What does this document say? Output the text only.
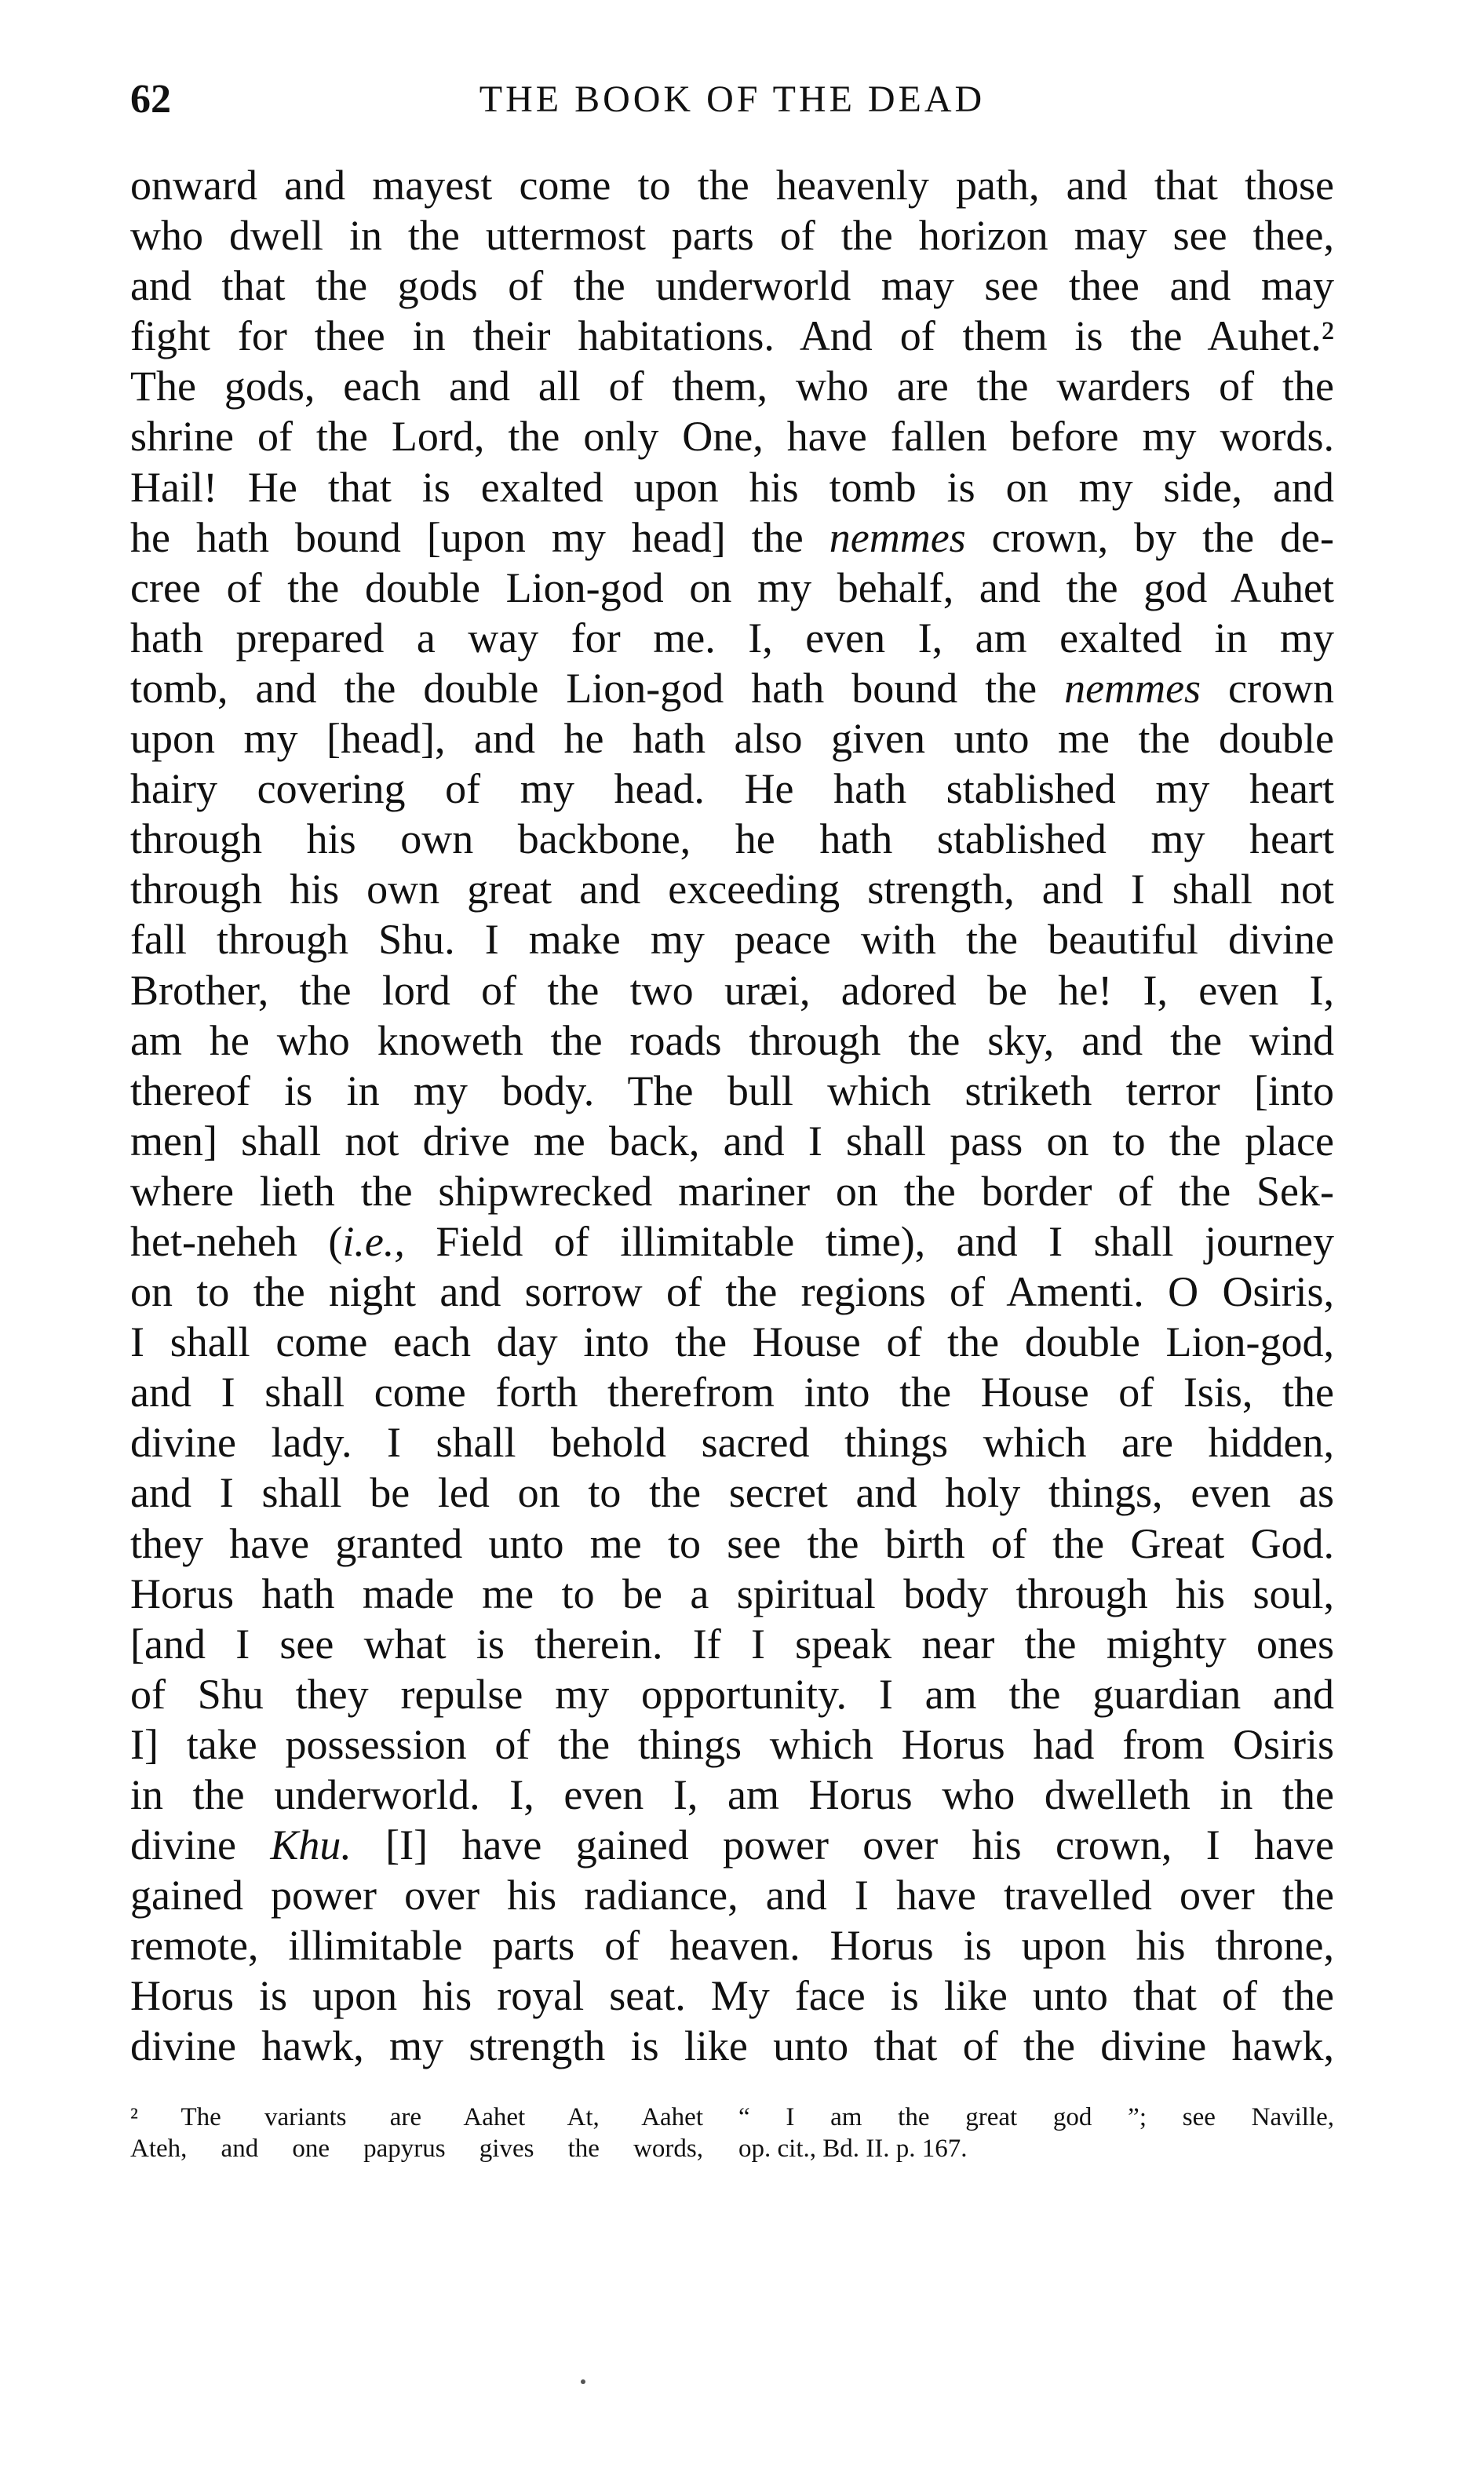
62	THE BOOK OF THE DEAD
onward and mayest come to the heavenly path, and that those
who dwell in the uttermost parts of the horizon may see thee,
and that the gods of the underworld may see thee and may
fight for thee in their habitations. And of them is the Auhet.²
The gods, each and all of them, who are the warders of the
shrine of the Lord, the only One, have fallen before my words.
Hail! He that is exalted upon his tomb is on my side, and
he hath bound [upon my head] the nemmes crown, by the de-
cree of the double Lion-god on my behalf, and the god Auhet
hath prepared a way for me. I, even I, am exalted in my
tomb, and the double Lion-god hath bound the nemmes crown
upon my [head], and he hath also given unto me the double
hairy covering of my head. He hath stablished my heart
through his own backbone, he hath stablished my heart
through his own great and exceeding strength, and I shall not
fall through Shu. I make my peace with the beautiful divine
Brother, the lord of the two uræi, adored be he! I, even I,
am he who knoweth the roads through the sky, and the wind
thereof is in my body. The bull which striketh terror [into
men] shall not drive me back, and I shall pass on to the place
where lieth the shipwrecked mariner on the border of the Sek-
het-neheh (i.e., Field of illimitable time), and I shall journey
on to the night and sorrow of the regions of Amenti. O Osiris,
I shall come each day into the House of the double Lion-god,
and I shall come forth therefrom into the House of Isis, the
divine lady. I shall behold sacred things which are hidden,
and I shall be led on to the secret and holy things, even as
they have granted unto me to see the birth of the Great God.
Horus hath made me to be a spiritual body through his soul,
[and I see what is therein. If I speak near the mighty ones
of Shu they repulse my opportunity. I am the guardian and
I] take possession of the things which Horus had from Osiris
in the underworld. I, even I, am Horus who dwelleth in the
divine Khu. [I] have gained power over his crown, I have
gained power over his radiance, and I have travelled over the
remote, illimitable parts of heaven. Horus is upon his throne,
Horus is upon his royal seat. My face is like unto that of the
divine hawk, my strength is like unto that of the divine hawk,
² The variants are Aahet At, Aahet
Ateh, and one papyrus gives the words,
“ I am the great god ”; see Naville,
op. cit., Bd. II. p. 167.
